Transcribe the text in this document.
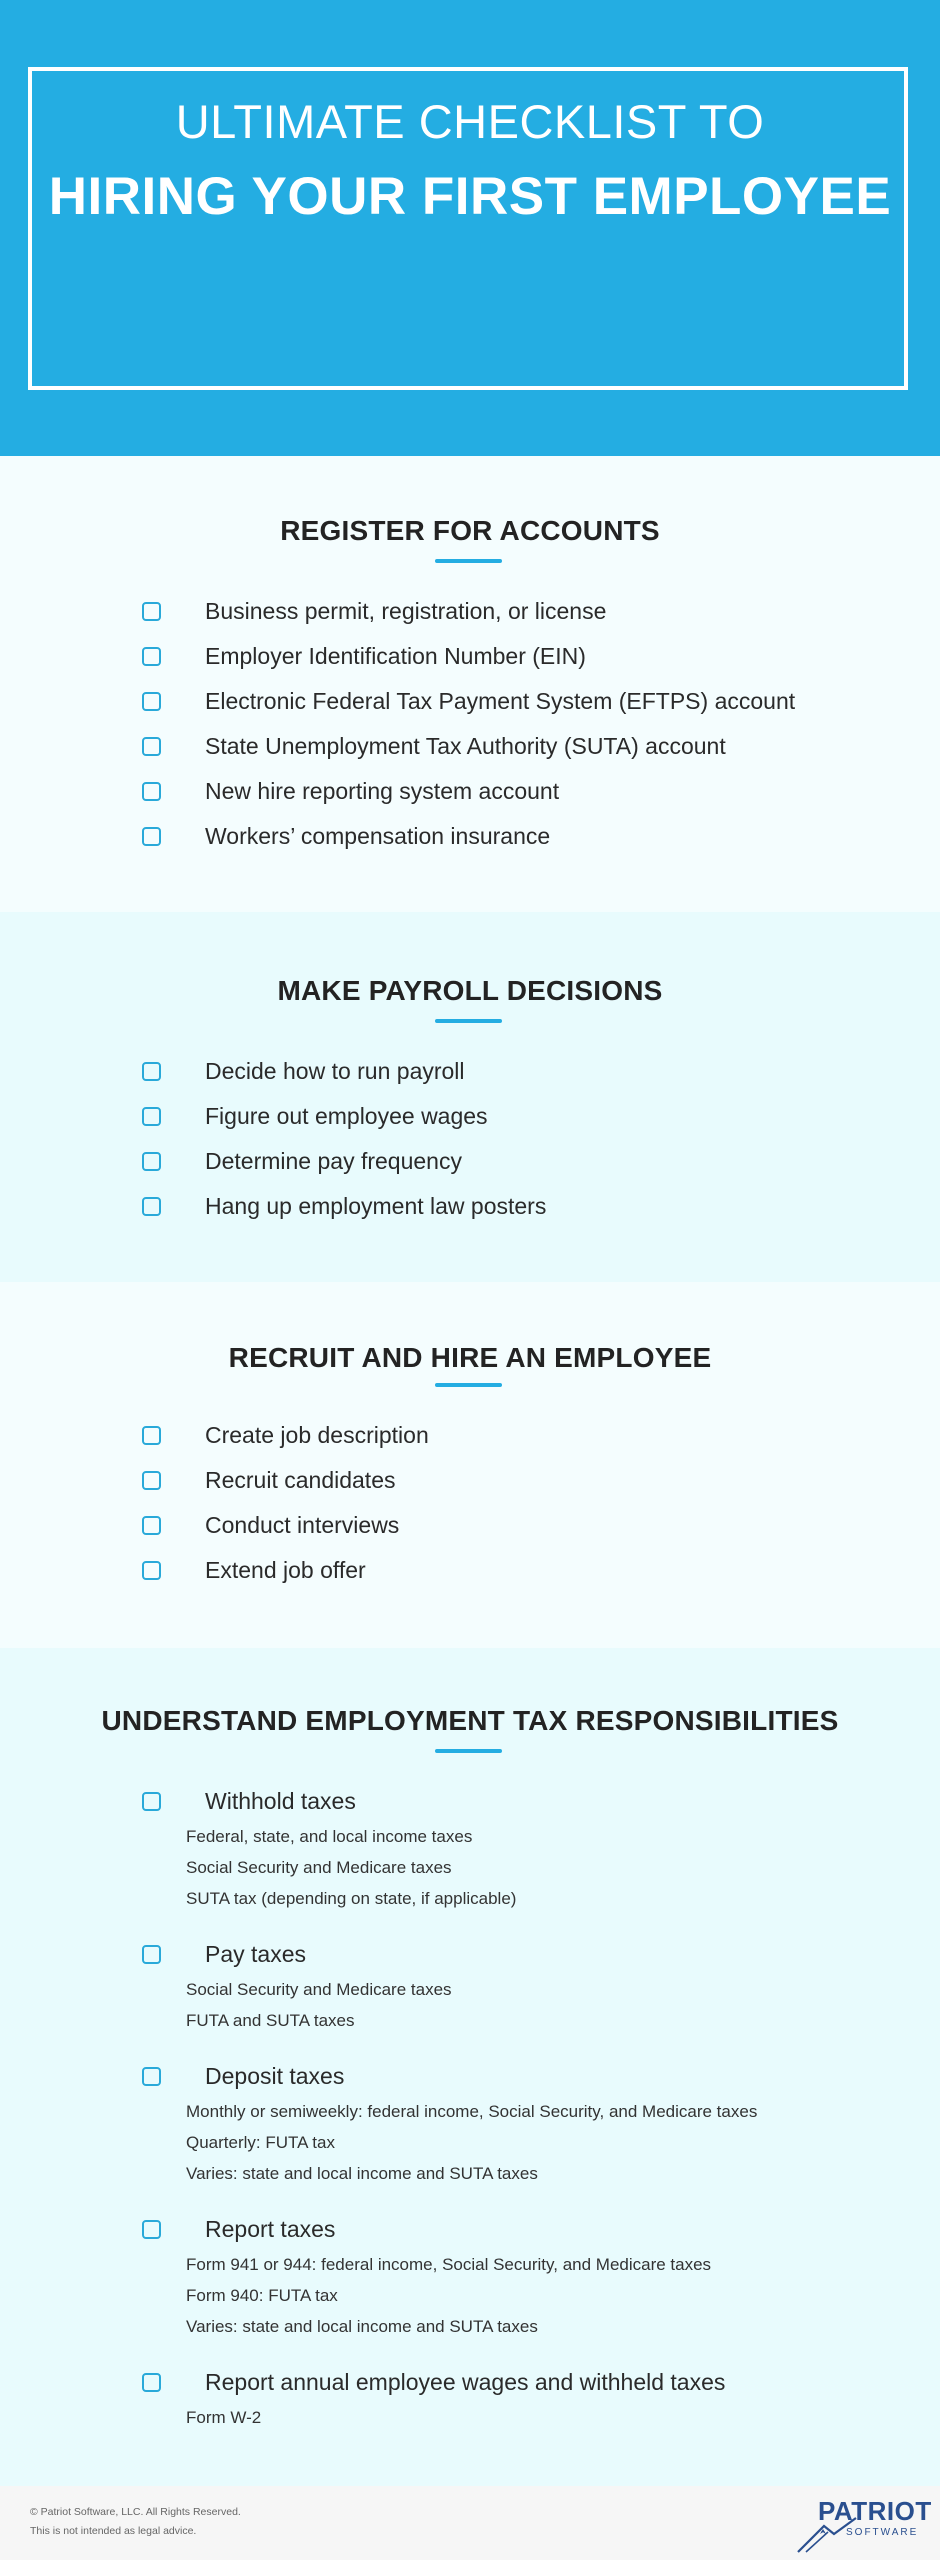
ULTIMATE CHECKLIST TO
HIRING YOUR FIRST EMPLOYEE
REGISTER FOR ACCOUNTS
Business permit, registration, or license
Employer Identification Number (EIN)
Electronic Federal Tax Payment System (EFTPS) account
State Unemployment Tax Authority (SUTA) account
New hire reporting system account
Workers’ compensation insurance
MAKE PAYROLL DECISIONS
Decide how to run payroll
Figure out employee wages
Determine pay frequency
Hang up employment law posters
RECRUIT AND HIRE AN EMPLOYEE
Create job description
Recruit candidates
Conduct interviews
Extend job offer
UNDERSTAND EMPLOYMENT TAX RESPONSIBILITIES
Withhold taxes
Federal, state, and local income taxes
Social Security and Medicare taxes
SUTA tax (depending on state, if applicable)
Pay taxes
Social Security and Medicare taxes
FUTA and SUTA taxes
Deposit taxes
Monthly or semiweekly: federal income, Social Security, and Medicare taxes
Quarterly: FUTA tax
Varies: state and local income and SUTA taxes
Report taxes
Form 941 or 944: federal income, Social Security, and Medicare taxes
Form 940: FUTA tax
Varies: state and local income and SUTA taxes
Report annual employee wages and withheld taxes
Form W-2
© Patriot Software, LLC. All Rights Reserved.
This is not intended as legal advice.
PATRIOT
SOFTWARE
